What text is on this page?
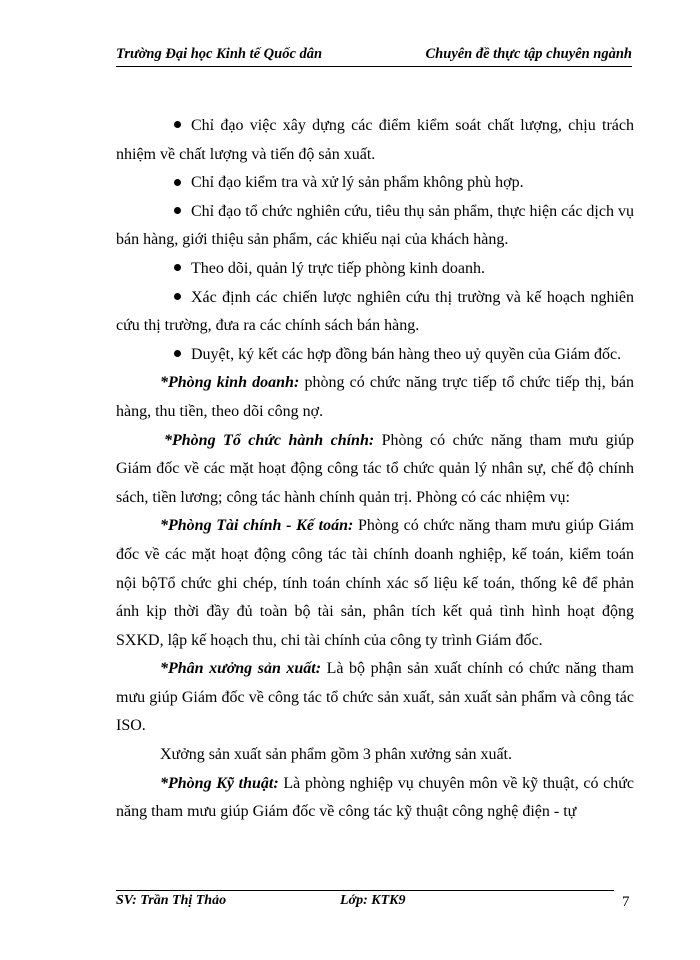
Trường Đại học Kinh tế Quốc dân	Chuyên đề thực tập chuyên ngành

Chỉ đạo việc xây dựng các điểm kiểm soát chất lượng, chịu trách nhiệm về chất lượng và tiến độ sản xuất.

Chỉ đạo kiểm tra và xử lý sản phẩm không phù hợp.

Chỉ đạo tổ chức nghiên cứu, tiêu thụ sản phẩm, thực hiện các dịch vụ bán hàng, giới thiệu sản phẩm, các khiếu nại của khách hàng.

Theo dõi, quản lý trực tiếp phòng kinh doanh.

Xác định các chiến lược nghiên cứu thị trường và kế hoạch nghiên cứu thị trường, đưa ra các chính sách bán hàng.

Duyệt, ký kết các hợp đồng bán hàng theo uỷ quyền của Giám đốc.

*Phòng kinh doanh: phòng có chức năng trực tiếp tổ chức tiếp thị, bán hàng, thu tiền, theo dõi công nợ.

*Phòng Tổ chức hành chính: Phòng có chức năng tham mưu giúp Giám đốc về các mặt hoạt động công tác tổ chức quản lý nhân sự, chế độ chính sách, tiền lương; công tác hành chính quản trị. Phòng có các nhiệm vụ:

*Phòng Tài chính - Kế toán: Phòng có chức năng tham mưu giúp Giám đốc về các mặt hoạt động công tác tài chính doanh nghiệp, kế toán, kiểm toán nội bộTổ chức ghi chép, tính toán chính xác số liệu kế toán, thống kê để phản ánh kịp thời đầy đủ toàn bộ tài sản, phân tích kết quả tình hình hoạt động SXKD, lập kế hoạch thu, chi tài chính của công ty trình Giám đốc.

*Phân xưởng sản xuất: Là bộ phận sản xuất chính có chức năng tham mưu giúp Giám đốc về công tác tổ chức sản xuất, sản xuất sản phẩm và công tác ISO.

Xưởng sản xuất sản phẩm gồm 3 phân xưởng sản xuất.

*Phòng Kỹ thuật: Là phòng nghiệp vụ chuyên môn về kỹ thuật, có chức năng tham mưu giúp Giám đốc về công tác kỹ thuật công nghệ điện - tự

SV: Trần Thị Thảo	Lớp: KTK9	7
